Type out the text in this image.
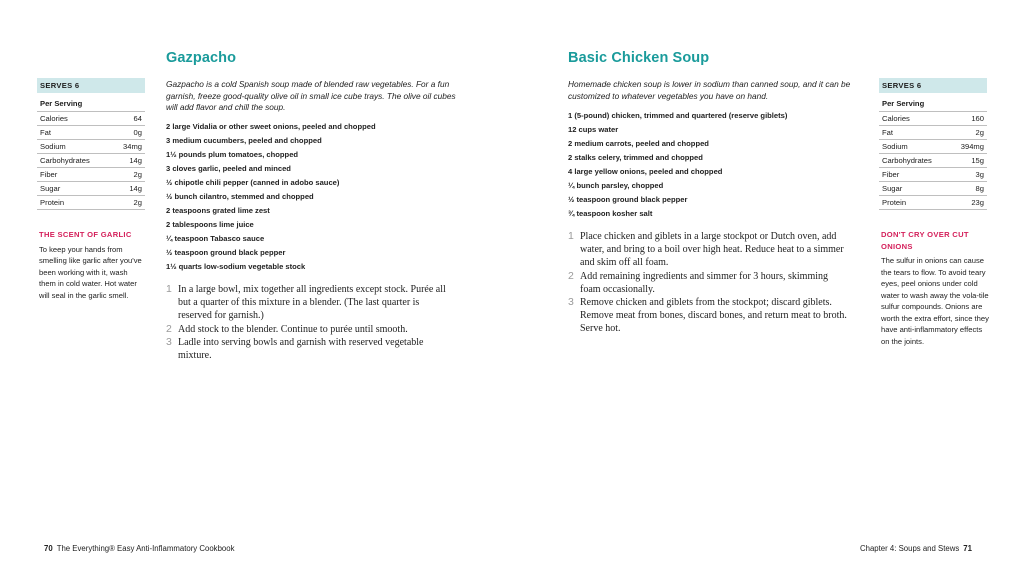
Gazpacho
SERVES 6
Per Serving
Calories	64
Fat	0g
Sodium	34mg
Carbohydrates	14g
Fiber	2g
Sugar	14g
Protein	2g
THE SCENT OF GARLIC
To keep your hands from smelling like garlic after you've been working with it, wash them in cold water. Hot water will seal in the garlic smell.
Gazpacho is a cold Spanish soup made of blended raw vegetables. For a fun garnish, freeze good-quality olive oil in small ice cube trays. The olive oil cubes will add flavor and chill the soup.
2 large Vidalia or other sweet onions, peeled and chopped
3 medium cucumbers, peeled and chopped
1½ pounds plum tomatoes, chopped
3 cloves garlic, peeled and minced
½ chipotle chili pepper (canned in adobo sauce)
½ bunch cilantro, stemmed and chopped
2 teaspoons grated lime zest
2 tablespoons lime juice
¼ teaspoon Tabasco sauce
½ teaspoon ground black pepper
1½ quarts low-sodium vegetable stock
1 In a large bowl, mix together all ingredients except stock. Purée all but a quarter of this mixture in a blender. (The last quarter is reserved for garnish.)
2 Add stock to the blender. Continue to purée until smooth.
3 Ladle into serving bowls and garnish with reserved vegetable mixture.
70 The Everything® Easy Anti-Inflammatory Cookbook
Basic Chicken Soup
SERVES 6
Per Serving
Calories	160
Fat	2g
Sodium	394mg
Carbohydrates	15g
Fiber	3g
Sugar	8g
Protein	23g
DON'T CRY OVER CUT ONIONS
The sulfur in onions can cause the tears to flow. To avoid teary eyes, peel onions under cold water to wash away the vola-tile sulfur compounds. Onions are worth the extra effort, since they have anti-inflammatory effects on the joints.
Homemade chicken soup is lower in sodium than canned soup, and it can be customized to whatever vegetables you have on hand.
1 (5-pound) chicken, trimmed and quartered (reserve giblets)
12 cups water
2 medium carrots, peeled and chopped
2 stalks celery, trimmed and chopped
4 large yellow onions, peeled and chopped
¼ bunch parsley, chopped
½ teaspoon ground black pepper
¾ teaspoon kosher salt
1 Place chicken and giblets in a large stockpot or Dutch oven, add water, and bring to a boil over high heat. Reduce heat to a simmer and skim off all foam.
2 Add remaining ingredients and simmer for 3 hours, skimming foam occasionally.
3 Remove chicken and giblets from the stockpot; discard giblets. Remove meat from bones, discard bones, and return meat to broth. Serve hot.
Chapter 4: Soups and Stews 71
